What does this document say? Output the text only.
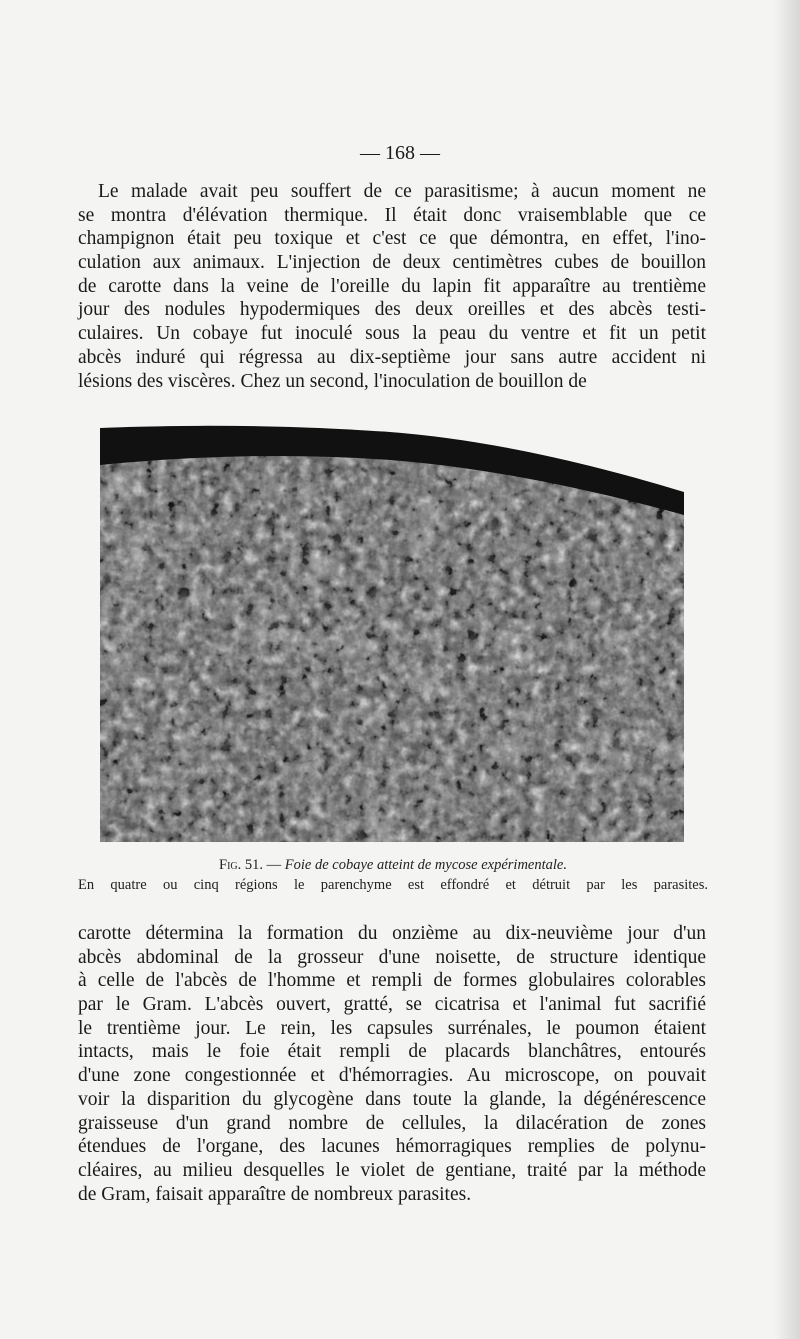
— 168 —
Le malade avait peu souffert de ce parasitisme; à aucun moment ne
se montra d'élévation thermique. Il était donc vraisemblable que ce
champignon était peu toxique et c'est ce que démontra, en effet, l'ino-
culation aux animaux. L'injection de deux centimètres cubes de bouillon
de carotte dans la veine de l'oreille du lapin fit apparaître au trentième
jour des nodules hypodermiques des deux oreilles et des abcès testi-
culaires. Un cobaye fut inoculé sous la peau du ventre et fit un petit
abcès induré qui régressa au dix-septième jour sans autre accident ni
lésions des viscères. Chez un second, l'inoculation de bouillon de
Fig. 51. — Foie de cobaye atteint de mycose expérimentale.
En quatre ou cinq régions le parenchyme est effondré et détruit par les parasites.
carotte détermina la formation du onzième au dix-neuvième jour d'un
abcès abdominal de la grosseur d'une noisette, de structure identique
à celle de l'abcès de l'homme et rempli de formes globulaires colorables
par le Gram. L'abcès ouvert, gratté, se cicatrisa et l'animal fut sacrifié
le trentième jour. Le rein, les capsules surrénales, le poumon étaient
intacts, mais le foie était rempli de placards blanchâtres, entourés
d'une zone congestionnée et d'hémorragies. Au microscope, on pouvait
voir la disparition du glycogène dans toute la glande, la dégénérescence
graisseuse d'un grand nombre de cellules, la dilacération de zones
étendues de l'organe, des lacunes hémorragiques remplies de polynu-
cléaires, au milieu desquelles le violet de gentiane, traité par la méthode
de Gram, faisait apparaître de nombreux parasites.
